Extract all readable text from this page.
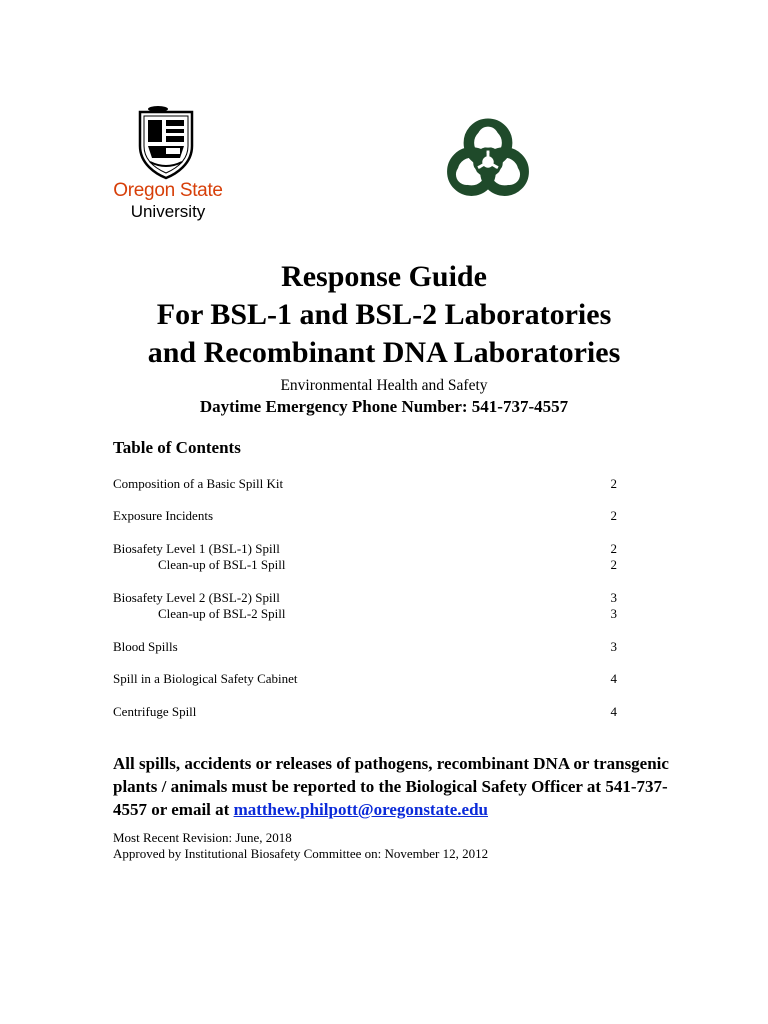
Oregon State
University
Response Guide
For BSL-1 and BSL-2 Laboratories
and Recombinant DNA Laboratories
Environmental Health and Safety
Daytime Emergency Phone Number: 541-737-4557
Table of Contents
Composition of a Basic Spill Kit	2
Exposure Incidents	2
Biosafety Level 1 (BSL-1) Spill	2
Clean-up of BSL-1 Spill	2
Biosafety Level 2 (BSL-2) Spill	3
Clean-up of BSL-2 Spill	3
Blood Spills	3
Spill in a Biological Safety Cabinet	4
Centrifuge Spill	4
All spills, accidents or releases of pathogens, recombinant DNA or transgenic plants / animals must be reported to the Biological Safety Officer at 541-737-4557 or email at matthew.philpott@oregonstate.edu
Most Recent Revision: June, 2018
Approved by Institutional Biosafety Committee on: November 12, 2012
